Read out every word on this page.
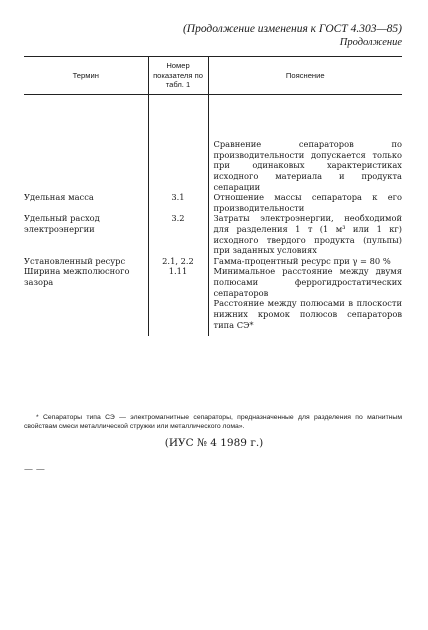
(Продолжение изменения к ГОСТ 4.303—85)
Продолжение
Термин	Номер показателя по табл. 1	Пояснение
		Сравнение сепараторов по производительности допускается только при одинаковых характеристиках исходного материала и продукта сепарации
Удельная масса	3.1	Отношение массы сепаратора к его производительности
Удельный расход электроэнергии	3.2	Затраты электроэнергии, необходимой для разделения 1 т (1 м³ или 1 кг) исходного твердого продукта (пульпы) при заданных условиях
Установленный ресурс	2.1, 2.2	Гамма-процентный ресурс при γ = 80 %
Ширина межполюсного зазора	1.11	Минимальное расстояние между двумя полюсами феррогидростатических сепараторов
		Расстояние между полюсами в плоскости нижних кромок полюсов сепараторов типа СЭ*
* Сепараторы типа СЭ — электромагнитные сепараторы, предназначенные для разделения по магнитным свойствам смеси металлической стружки или металлического лома».
(ИУС № 4 1989 г.)
— —
